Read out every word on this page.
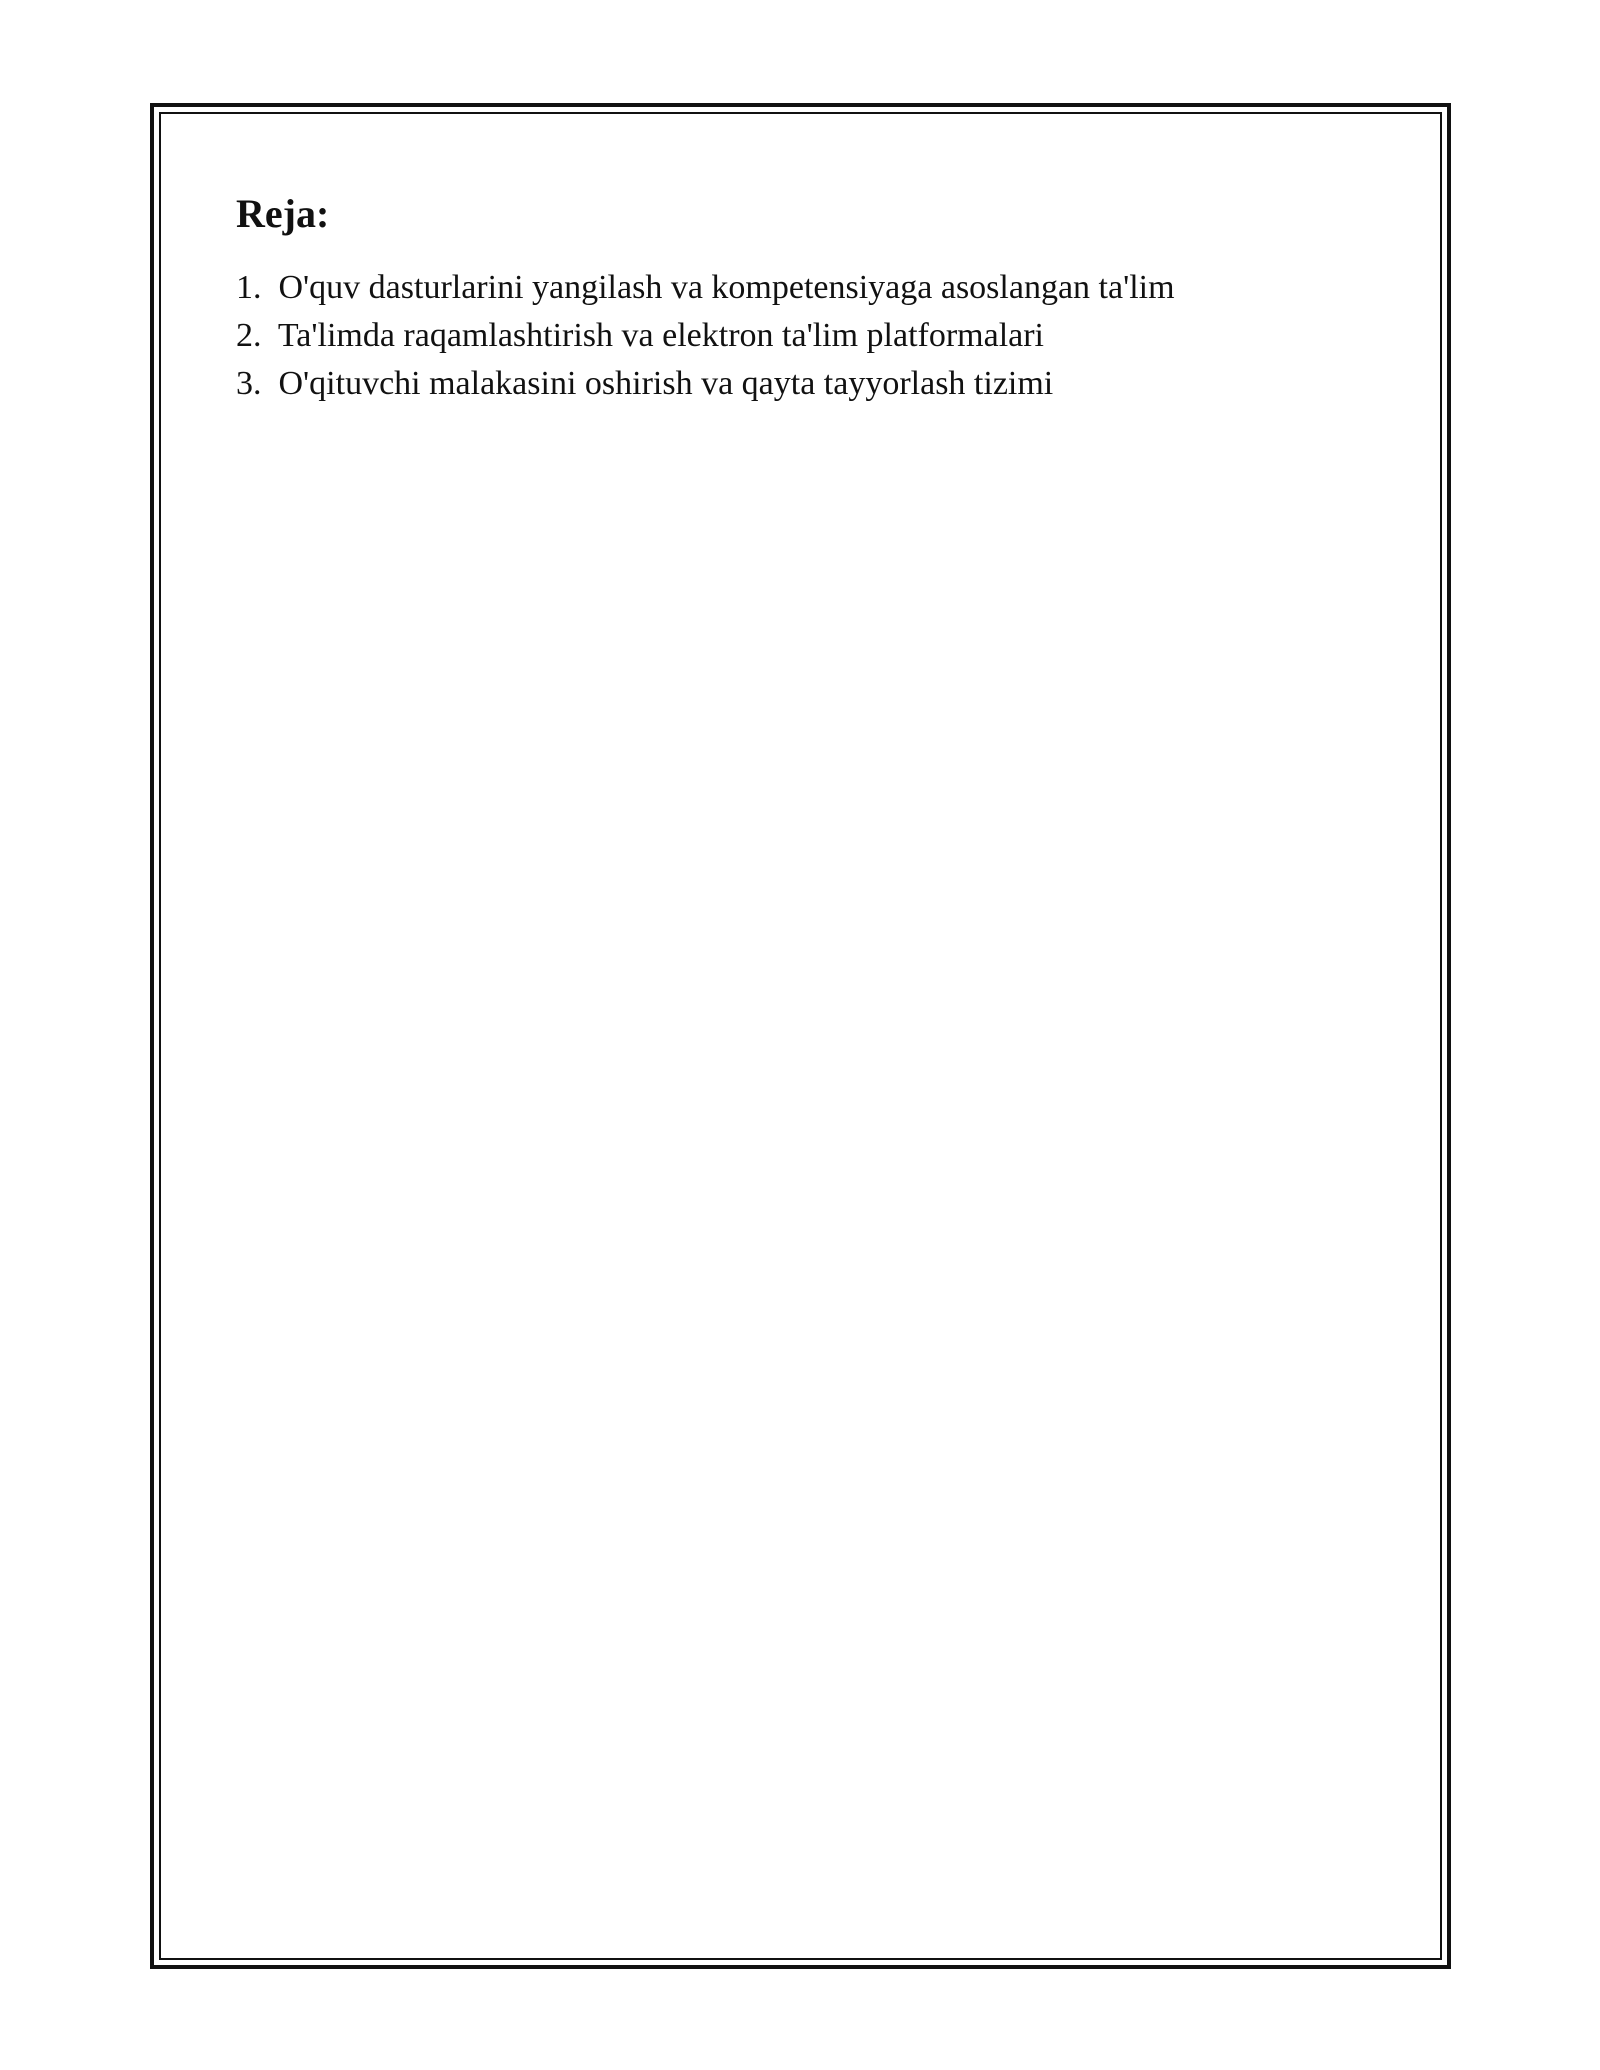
Reja:
1.  O'quv dasturlarini yangilash va kompetensiyaga asoslangan ta'lim
2.  Ta'limda raqamlashtirish va elektron ta'lim platformalari
3.  O'qituvchi malakasini oshirish va qayta tayyorlash tizimi
